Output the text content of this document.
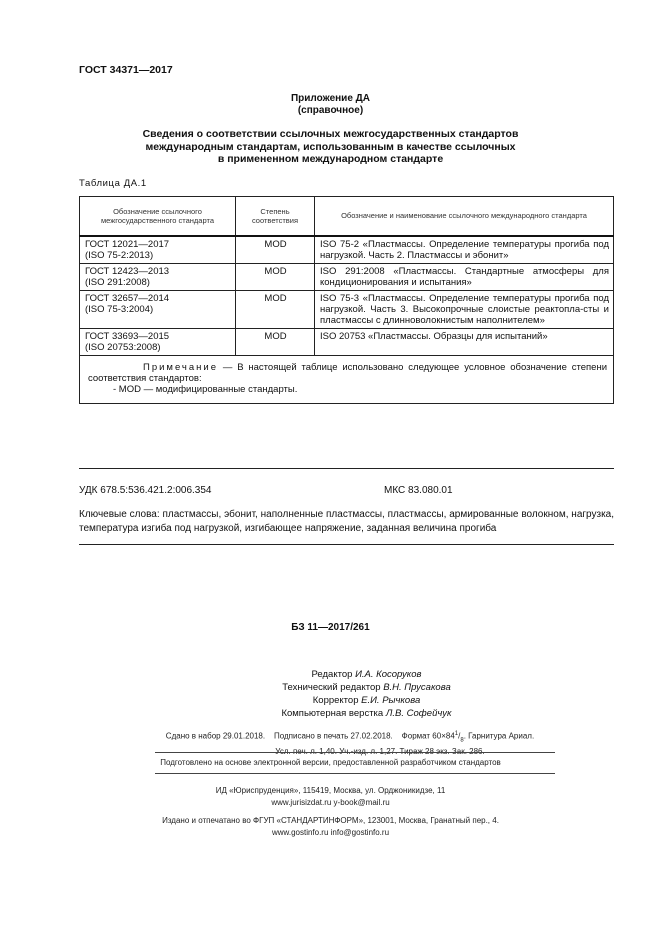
ГОСТ 34371—2017
Приложение ДА
(справочное)
Сведения о соответствии ссылочных межгосударственных стандартов
международным стандартам, использованным в качестве ссылочных
в примененном международном стандарте
Таблица ДА.1
Обозначение ссылочного межгосударственного стандарта	Степень соответствия	Обозначение и наименование ссылочного международного стандарта

ГОСТ 12021—2017
(ISO 75-2:2013)	MOD	ISO 75-2 «Пластмассы. Определение температуры прогиба под нагрузкой. Часть 2. Пластмассы и эбонит»

ГОСТ 12423—2013
(ISO 291:2008)	MOD	ISO 291:2008 «Пластмассы. Стандартные атмосферы для кондиционирования и испытания»

ГОСТ 32657—2014
(ISO 75-3:2004)	MOD	ISO 75-3 «Пластмассы. Определение температуры прогиба под нагрузкой. Часть 3. Высокопрочные слоистые реактопла-сты и пластмассы с длинноволокнистым наполнителем»

ГОСТ 33693—2015
(ISO 20753:2008)	MOD	ISO 20753 «Пластмассы. Образцы для испытаний»

Примечание — В настоящей таблице использовано следующее условное обозначение степени соответствия стандартов:

- MOD — модифицированные стандарты.		

УДК 678.5:536.421.2:006.354	МКС 83.080.01
Ключевые слова: пластмассы, эбонит, наполненные пластмассы, пластмассы, армированные волокном, нагрузка, температура изгиба под нагрузкой, изгибающее напряжение, заданная величина прогиба
БЗ 11—2017/261
Редактор И.А. Косоруков
Технический редактор В.Н. Прусакова
Корректор Е.И. Рычкова
Компьютерная верстка Л.В. Софейчук
Сдано в набор 29.01.2018. Подписано в печать 27.02.2018. Формат $60\times 84^1/_8$. Гарнитура Ариал.
Усл. печ. л. 1,40. Уч.-изд. л. 1,27. Тираж 28 экз. Зак. 286.
Подготовлено на основе электронной версии, предоставленной разработчиком стандартов
ИД «Юриспруденция», 115419, Москва, ул. Орджоникидзе, 11
www.jurisizdat.ru y-book@mail.ru
Издано и отпечатано во ФГУП «СТАНДАРТИНФОРМ», 123001, Москва, Гранатный пер., 4.
www.gostinfo.ru info@gostinfo.ru
